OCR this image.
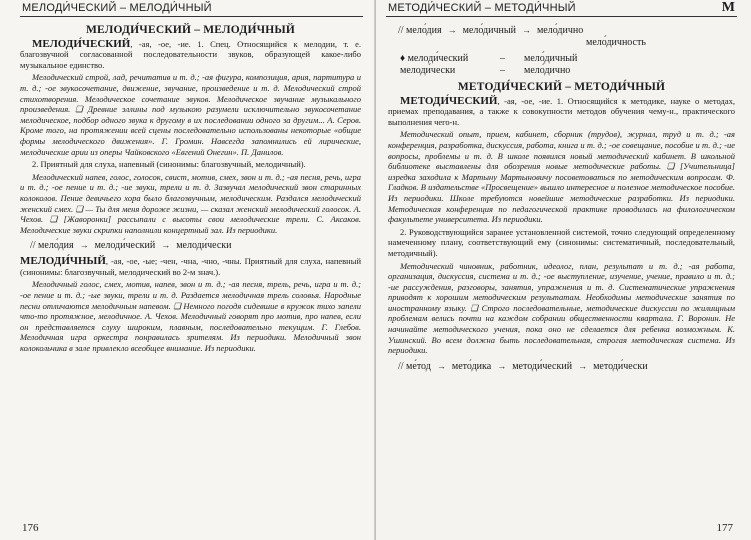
МЕЛОДИ́ЧЕСКИЙ – МЕЛОДИ́ЧНЫЙ
МЕЛОДИ́ЧЕСКИЙ – МЕЛОДИ́ЧНЫЙ

МЕЛОДИ́ЧЕСКИЙ, -ая, -ое, -ие. 1. Спец. Относящийся к мелодии, т. е. благозвучной согласованной последовательности звуков, образующей какое-либо музыкальное единство.

Мелодический строй, лад, речитатив и т. д.; -ая фигура, композиция, ария, партитура и т. д.; -ое звукосочетание, движение, звучание, произведение и т. д. Мелодический строй стихотворения. Мелодическое сочетание звуков. Мелодическое звучание музыкального произведения. ❏ Древние эллины под музыкою разумели исключительно звукосочетание мелодическое, подбор одного звука к другому в их последовании одного за другим... А. Серов. Кроме того, на протяжении всей сцены последовательно использованы некоторые «общие формы мелодического движения». Г. Громин. Навсегда запомнились ей лирические, мелодические арии из оперы Чайковского «Евгений Онегин». П. Данилов.

2. Приятный для слуха, напевный (синонимы: благозвучный, мелодичный).

Мелодический напев, голос, голосок, свист, мотив, смех, звон и т. д.; -ая песня, речь, игра и т. д.; -ое пение и т. д.; -ие звуки, трели и т. д. Зазвучал мелодический звон старинных колоколов. Пение девичьего хора было благозвучным, мелодическим. Раздался мелодический женский смех. ❏ — Ты для меня дороже жизни, — сказал женский мелодический голосок. А. Чехов. ❏ [Жаворонки] рассыпали с высоты свои мелодические трели. С. Аксаков. Мелодические звуки скрипки наполнили концертный зал. Из периодики.

// мело́дия → мелоди́ческий → мелоди́чески

МЕЛОДИ́ЧНЫЙ, -ая, -ое, -ые; -чен, -чна, -чно, -чны. Приятный для слуха, напевный (синонимы: благозвучный, мелодический во 2-м знач.).

Мелодичный голос, смех, мотив, напев, звон и т. д.; -ая песня, трель, речь, игра и т. д.; -ое пение и т. д.; -ые звуки, трели и т. д. Раздается мелодичная трель соловья. Народные песни отличаются мелодичным напевом. ❏ Немного погодя сидевшие в кружок тихо запели что-то протяжное, мелодичное. А. Чехов. Мелодичный говорят про мотив, про напев, если он представляется слуху широким, плавным, последовательно текущим. Г. Глебов. Мелодичная игра оркестра понравилась зрителям. Из периодики. Мелодичный звон колокольчика в зале привлекло всеобщее внимание. Из периодики.

176
МЕТОДИ́ЧЕСКИЙ – МЕТОДИ́ЧНЫЙ	М
// мело́дия → мело́дичный → мело́дично
мело́дичность
♦ мелоди́ческий	–	мело́дичный
мелоди́чески	–	мело́дично
МЕТОДИ́ЧЕСКИЙ – МЕТОДИ́ЧНЫЙ

МЕТОДИ́ЧЕСКИЙ, -ая, -ое, -ие. 1. Относящийся к методике, науке о методах, приемах преподавания, а также к совокупности методов обучения чему-н., практического выполнения чего-н.

Методический опыт, прием, кабинет, сборник (трудов), журнал, труд и т. д.; -ая конференция, разработка, дискуссия, работа, книга и т. д.; -ое совещание, пособие и т. д.; -ие вопросы, проблемы и т. д. В школе появился новый методический кабинет. В школьной библиотеке выставлены для обозрения новые методические работы. ❏ [Учительница] изредка заходила к Мартыну Мартыновичу посоветоваться по методическим вопросам. Ф. Гладков. В издательстве «Просвещение» вышло интересное и полезное методическое пособие. Из периодики. Школе требуются новейшие методические разработки. Из периодики. Методическая конференция по педагогической практике проводилась на филологическом факультете университета. Из периодики.

2. Руководствующийся заранее установленной системой, точно следующий определенному намеченному плану, соответствующий ему (синонимы: систематичный, последовательный, методичный).

Методический чиновник, работник, идеолог, план, результат и т. д.; -ая работа, организация, дискуссия, система и т. д.; -ое выступление, изучение, учение, правило и т. д.; -ие рассуждения, разговоры, занятия, упражнения и т. д. Систематические упражнения приводят к хорошим методическим результатам. Необходимы методические занятия по иностранному языку. ❏ Строго последовательные, методические дискуссии по жилищным проблемам велись почти на каждом собрании общественности квартала. Г. Воронин. Не начинайте методического учения, пока оно не сделается для ребенка возможным. К. Ушинский. Во всем должна быть последовательная, строгая методическая система. Из периодики.

// ме́тод → мето́дика → методи́ческий → методи́чески
177
